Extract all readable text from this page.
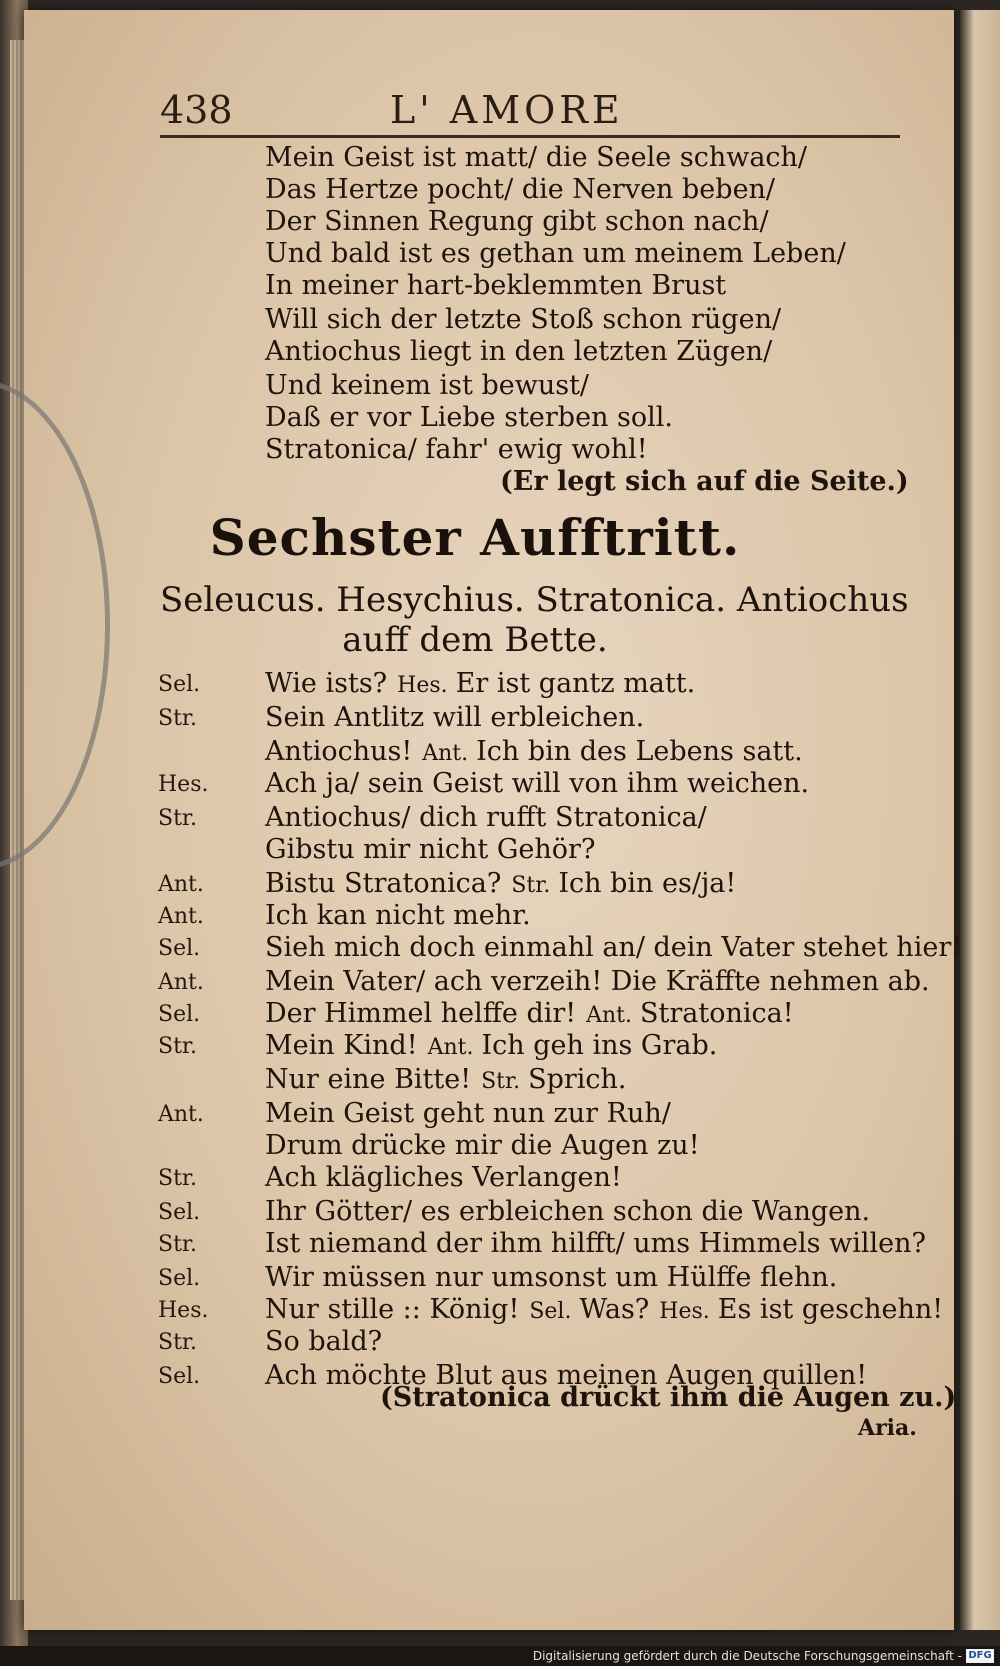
438	L' AMORE
Mein Geist ist matt/ die Seele schwach/
Das Hertze pocht/ die Nerven beben/
Der Sinnen Regung gibt schon nach/
Und bald ist es gethan um meinem Leben/
In meiner hart-beklemmten Brust
Will sich der letzte Stoß schon rügen/
Antiochus liegt in den letzten Zügen/
Und keinem ist bewust/
Daß er vor Liebe sterben soll.
Stratonica/ fahr' ewig wohl!
(Er legt sich auf die Seite.)
Sechster Aufftritt.
Seleucus. Hesychius. Stratonica. Antiochus
auff dem Bette.
Sel. Wie ists? Hes. Er ist gantz matt.
Str.	Sein Antlitz will erbleichen.
Antiochus! Ant. Ich bin des Lebens satt.
Hes. Ach ja/ sein Geist will von ihm weichen.
Str.	Antiochus/ dich rufft Stratonica/
Gibstu mir nicht Gehör?
Ant. Bistu Stratonica? Str. Ich bin es/ja!
Ant. Ich kan nicht mehr.
Sel. Sieh mich doch einmahl an/ dein Vater stehet hier!
Ant. Mein Vater/ ach verzeih! Die Kräffte nehmen ab.
Sel. Der Himmel helffe dir! Ant. Stratonica!
Str.	Mein Kind! Ant. Ich geh ins Grab.
Nur eine Bitte! Str. Sprich.
Ant. Mein Geist geht nun zur Ruh/
Drum drücke mir die Augen zu!
Str.	Ach klägliches Verlangen!
Sel. Ihr Götter/ es erbleichen schon die Wangen.
Str.	Ist niemand der ihm hilfft/ ums Himmels willen?
Sel. Wir müssen nur umsonst um Hülffe flehn.
Hes. Nur stille :: König! Sel. Was? Hes. Es ist geschehn!
Str.	So bald?
Sel. Ach möchte Blut aus meinen Augen quillen!
(Stratonica drückt ihm die Augen zu.)
Aria.
Digitalisierung gefördert durch die Deutsche Forschungsgemeinschaft - DFG
